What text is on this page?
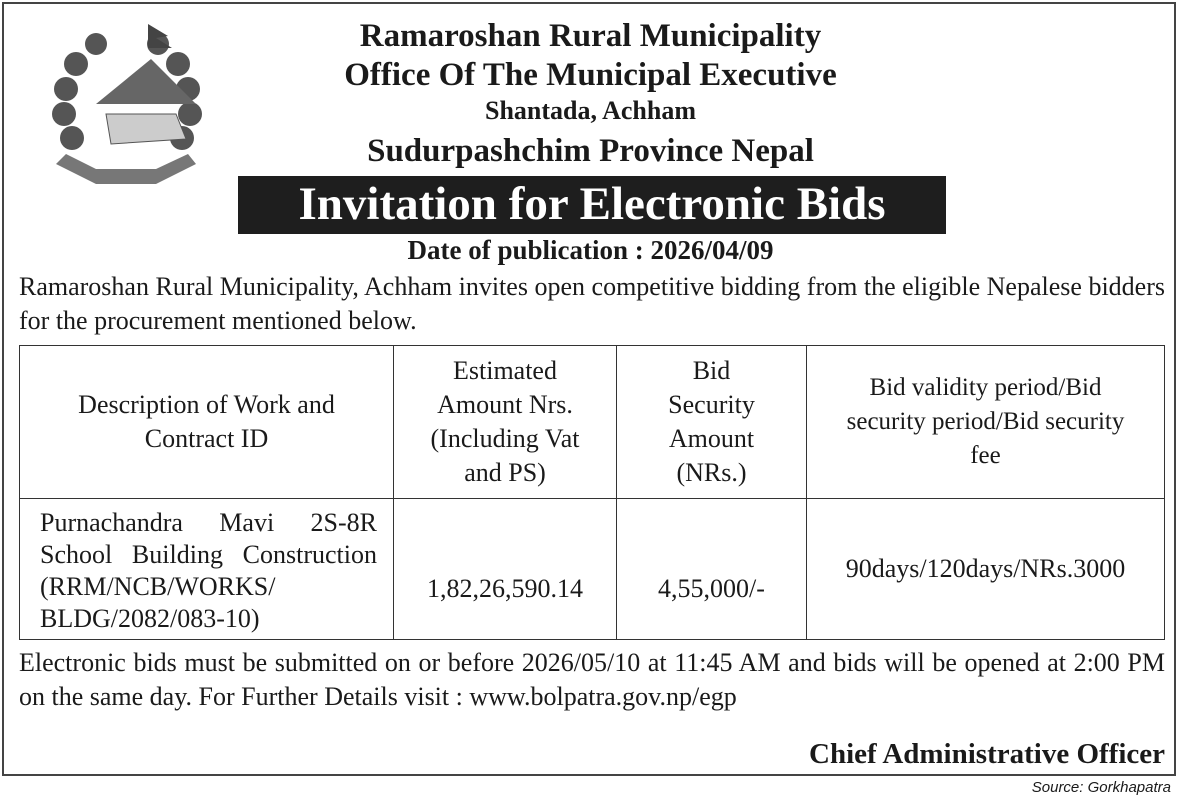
Ramaroshan Rural Municipality
Office Of The Municipal Executive
Shantada, Achham
Sudurpashchim Province Nepal
Invitation for Electronic Bids
Date of publication : 2026/04/09
Ramaroshan Rural Municipality, Achham invites open competitive bidding from the eligible Nepalese bidders for the procurement mentioned below.
Description of Work and Contract ID	Estimated Amount Nrs. (Including Vat and PS)	Bid Security Amount (NRs.)	Bid validity period/Bid security period/Bid security fee
Purnachandra Mavi 2S-8R School Building Construction (RRM/NCB/WORKS/ BLDG/2082/083-10)	1,82,26,590.14	4,55,000/-	90days/120days/NRs.3000
Electronic bids must be submitted on or before 2026/05/10 at 11:45 AM and bids will be opened at 2:00 PM on the same day. For Further Details visit : www.bolpatra.gov.np/egp
Chief Administrative Officer
Source: Gorkhapatra
